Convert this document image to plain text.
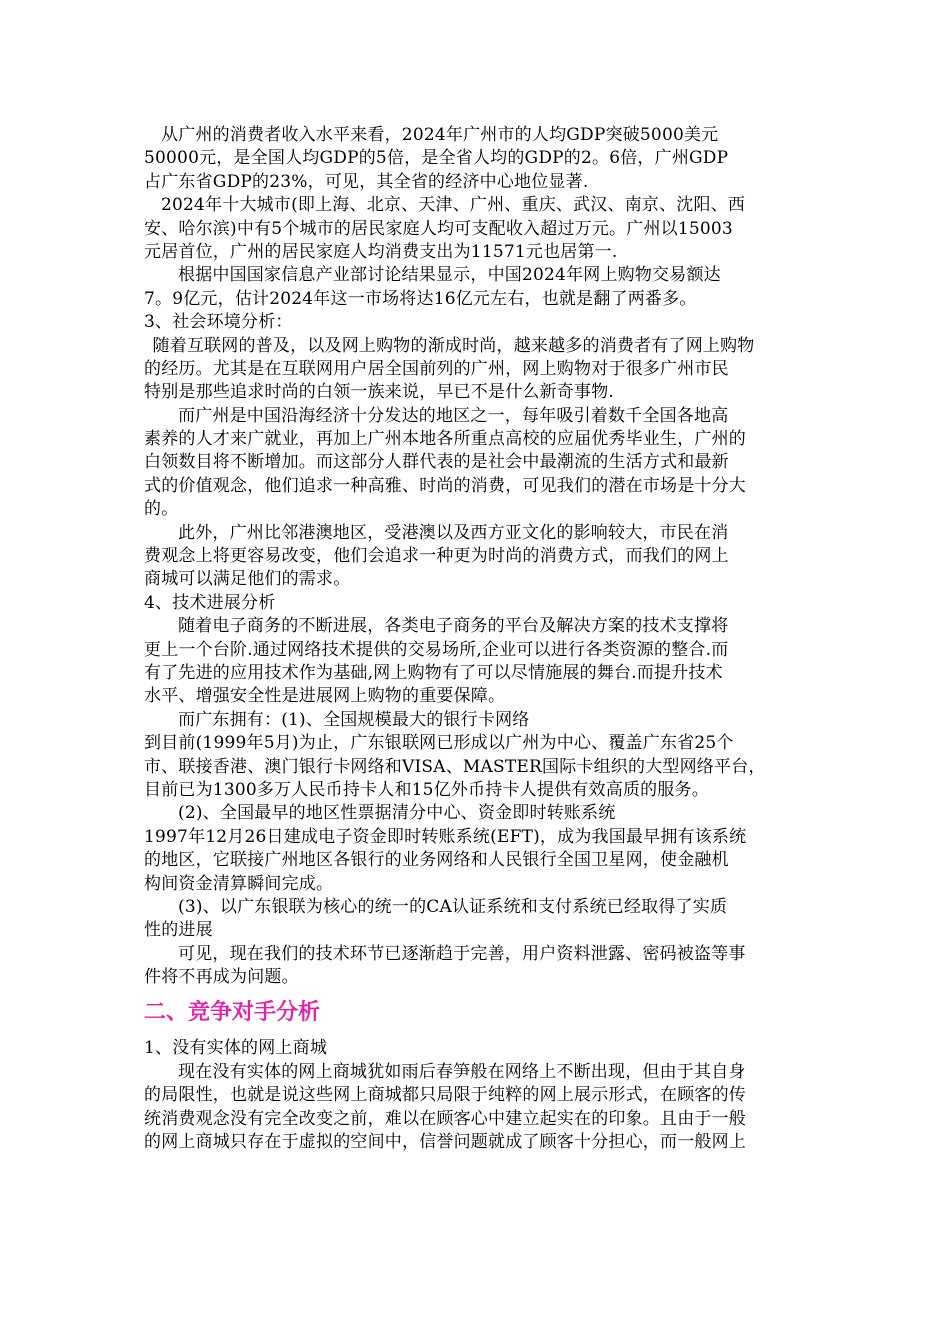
从广州的消费者收入水平来看，2024年广州市的人均GDP突破5000美元
50000元，是全国人均GDP的5倍，是全省人均的GDP的2。6倍，广州GDP
占广东省GDP的23%，可见，其全省的经济中心地位显著.
2024年十大城市(即上海、北京、天津、广州、重庆、武汉、南京、沈阳、西
安、哈尔滨)中有5个城市的居民家庭人均可支配收入超过万元。广州以15003
元居首位，广州的居民家庭人均消费支出为11571元也居第一.
根据中国国家信息产业部讨论结果显示，中国2024年网上购物交易额达
7。9亿元，估计2024年这一市场将达16亿元左右，也就是翻了两番多。
3、社会环境分析：
随着互联网的普及，以及网上购物的渐成时尚，越来越多的消费者有了网上购物
的经历。尤其是在互联网用户居全国前列的广州，网上购物对于很多广州市民
特别是那些追求时尚的白领一族来说，早已不是什么新奇事物.
而广州是中国沿海经济十分发达的地区之一，每年吸引着数千全国各地高
素养的人才来广就业，再加上广州本地各所重点高校的应届优秀毕业生，广州的
白领数目将不断增加。而这部分人群代表的是社会中最潮流的生活方式和最新
式的价值观念，他们追求一种高雅、时尚的消费，可见我们的潜在市场是十分大
的。
此外，广州比邻港澳地区，受港澳以及西方亚文化的影响较大，市民在消
费观念上将更容易改变，他们会追求一种更为时尚的消费方式，而我们的网上
商城可以满足他们的需求。
4、技术进展分析
随着电子商务的不断进展，各类电子商务的平台及解决方案的技术支撑将
更上一个台阶.通过网络技术提供的交易场所,企业可以进行各类资源的整合.而
有了先进的应用技术作为基础,网上购物有了可以尽情施展的舞台.而提升技术
水平、增强安全性是进展网上购物的重要保障。
而广东拥有：(1)、全国规模最大的银行卡网络
到目前(1999年5月)为止，广东银联网已形成以广州为中心、覆盖广东省25个
市、联接香港、澳门银行卡网络和VISA、MASTER国际卡组织的大型网络平台，
目前已为1300多万人民币持卡人和15亿外币持卡人提供有效高质的服务。
(2)、全国最早的地区性票据清分中心、资金即时转账系统
1997年12月26日建成电子资金即时转账系统(EFT)，成为我国最早拥有该系统
的地区，它联接广州地区各银行的业务网络和人民银行全国卫星网，使金融机
构间资金清算瞬间完成。
(3)、以广东银联为核心的统一的CA认证系统和支付系统已经取得了实质
性的进展
可见，现在我们的技术环节已逐渐趋于完善，用户资料泄露、密码被盗等事
件将不再成为问题。
二、竞争对手分析
1、没有实体的网上商城
现在没有实体的网上商城犹如雨后春笋般在网络上不断出现，但由于其自身
的局限性，也就是说这些网上商城都只局限于纯粹的网上展示形式，在顾客的传
统消费观念没有完全改变之前，难以在顾客心中建立起实在的印象。且由于一般
的网上商城只存在于虚拟的空间中，信誉问题就成了顾客十分担心，而一般网上
